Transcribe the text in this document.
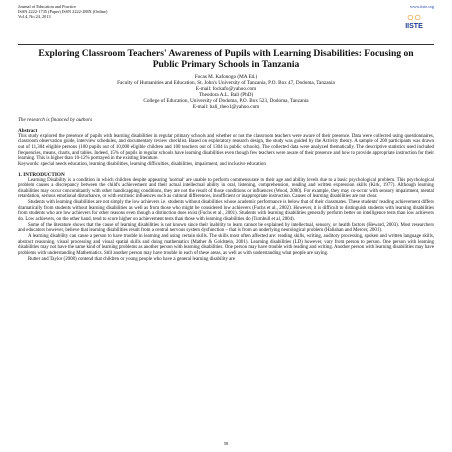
Journal of Education and Practice
ISSN 2222-1735 (Paper) ISSN 2222-288X (Online)
Vol.4, No.24, 2013
www.iiste.org
○○
IISTE
Exploring Classroom Teachers' Awareness of Pupils with Learning Disabilities: Focusing on Public Primary Schools in Tanzania
Focas M. Kafonogo (MA Ed.)
Faculty of Humanities and Education, St. John's University of Tanzania, P.O. Box 47, Dodoma, Tanzania
E-mail: fockafo@yahoo.com
Theodora A.L. Bali (PhD)
College of Education, University of Dodoma, P.O. Box 523, Dodoma, Tanzania
E-mail: bali_theo1@yahoo.com
The research is financed by authors
Abstract

This study explored the presence of pupils with learning disabilities in regular primary schools and whether or not the classroom teachers were aware of their presence. Data were collected using questionnaires, classroom observation guide, interview schedules, and documentary review checklist. Based on exploratory research design, the study was guided by the Activity theory. A sample of 200 participants was drawn out of 11,304 eligible persons (100 pupils out of 10,000 eligible children and 100 teachers out of 1304 in public schools). The collected data were analyzed thematically. The descriptive statistics used included frequencies, means, charts, and tables. Indeed, 15% of pupils in regular schools have learning disabilities even though few teachers were aware of their presence and how to provide appropriate instruction for their learning. This is higher than 10-12% portrayed in the existing literature.

Keywords: special needs education, learning disabilities, learning difficulties, disabilities, impairment, and inclusive education

1. INTRODUCTION

Learning Disability is a condition in which children despite appearing 'normal' are unable to perform commensurate to their age and ability levels due to a basic psychological problem. This psychological problem causes a discrepancy between the child's achievement and their actual intellectual ability in oral, listening, comprehension, reading and written expression skills (Kirk, 1977). Although learning disabilities may occur concomitantly with other handicapping conditions, they are not the result of those conditions or influences (Wood, 2000). For example, they may co-occur with sensory impairment, mental retardation, serious emotional disturbance, or with extrinsic influences such as cultural differences, insufficient or inappropriate instruction. Causes of learning disabilities are not clear.

Students with learning disabilities are not simply the low achievers i.e. students without disabilities whose academic performance is below that of their classmates. These students' reading achievement differs dramatically from students without learning disabilities as well as from those who might be considered low achievers (Fuchs et al., 2002). However, it is difficult to distinguish students with learning disabilities from students who are low achievers for other reasons even though a distinction does exist (Fuchs et al., 2001). Students with learning disabilities generally perform better on intelligence tests than low achievers do. Low achievers, on the other hand, tend to score higher on achievement tests than those with learning disabilities do (Turnbull et al, 2004).

Some of the literature shows that the cause of learning disabilities is not known since their inability to learn cannot be explained by intellectual, sensory, or health factors (Heward, 2003). Most researchers and educators however, believe that learning disabilities result from a central nervous system dysfunction – that is from an underlying neurological problem (Hallahan and Mercer, 2001).

A learning disability can cause a person to have trouble in learning and using certain skills. The skills most often affected are: reading skills, writing, auditory processing, spoken and written language skills, abstract reasoning, visual processing and visual spatial skills and doing mathematics (Mather & Goldstein, 2001). Learning disabilities (LD) however, vary from person to person. One person with learning disabilities may not have the same kind of learning problems as another person with learning disabilities. One person may have trouble with reading and writing. Another person with learning disabilities may have problems with understanding Mathematics. Still another person may have trouble in each of these areas, as well as with understanding what people are saying.

Rutter and Taylor (2008) contend that children or young people who have a general learning disability are

58
